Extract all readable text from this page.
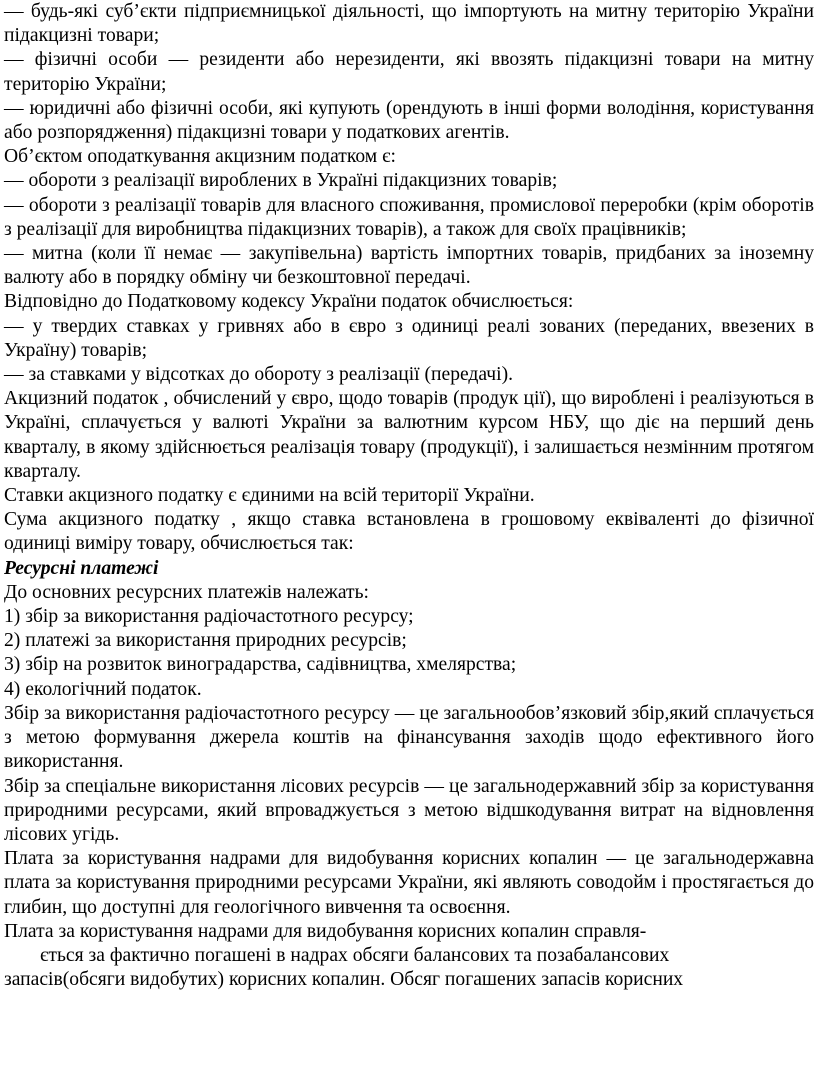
— будь-які суб’єкти підприємницької діяльності, що імпортують на митну територію України підакцизні товари;

— фізичні особи — резиденти або нерезиденти, які ввозять підакцизні товари на митну територію України;

— юридичні або фізичні особи, які купують (орендують в інші форми володіння, користування або розпорядження) підакцизні товари у податкових агентів.

Об’єктом оподаткування акцизним податком є:

— обороти з реалізації вироблених в Україні підакцизних товарів;

— обороти з реалізації товарів для власного споживання, промислової переробки (крім оборотів з реалізації для виробництва підакцизних товарів), а також для своїх працівників;

— митна (коли її немає — закупівельна) вартість імпортних товарів, придбаних за іноземну валюту або в порядку обміну чи безкоштовної передачі.

Відповідно до Податковому кодексу України податок обчислюється:

— у твердих ставках у гривнях або в євро з одиниці реалі зованих (переданих, ввезених в Україну) товарів;

— за ставками у відсотках до обороту з реалізації (передачі).

Акцизний податок , обчислений у євро, щодо товарів (продук ції), що вироблені і реалізуються в Україні, сплачується у валюті України за валютним курсом НБУ, що діє на перший день кварталу, в якому здійснюється реалізація товару (продукції), і залишається незмінним протягом кварталу.

Ставки акцизного податку є єдиними на всій території України.

Сума акцизного податку , якщо ставка встановлена в грошовому еквіваленті до фізичної одиниці виміру товару, обчислюється так:

Ресурсні платежі

До основних ресурсних платежів належать:

1) збір за використання радіочастотного ресурсу;

2) платежі за використання природних ресурсів;

3) збір на розвиток виноградарства, садівництва, хмелярства;

4) екологічний податок.

Збір за використання радіочастотного ресурсу — це загальнообов’язковий збір,який сплачується з метою формування джерела коштів на фінансування заходів щодо ефективного його використання.

Збір за спеціальне використання лісових ресурсів — це загальнодержавний збір за користування природними ресурсами, який впроваджується з метою відшкодування витрат на відновлення лісових угідь.

Плата за користування надрами для видобування корисних копалин — це загальнодержавна плата за користування природними ресурсами України, які являють соводойм і простягається до глибин, що доступні для геологічного вивчення та освоєння.

Плата за користування надрами для видобування корисних копалин справля-

ється за фактично погашені в надрах обсяги балансових та позабалансових

запасів(обсяги видобутих) корисних копалин. Обсяг погашених запасів корисних
